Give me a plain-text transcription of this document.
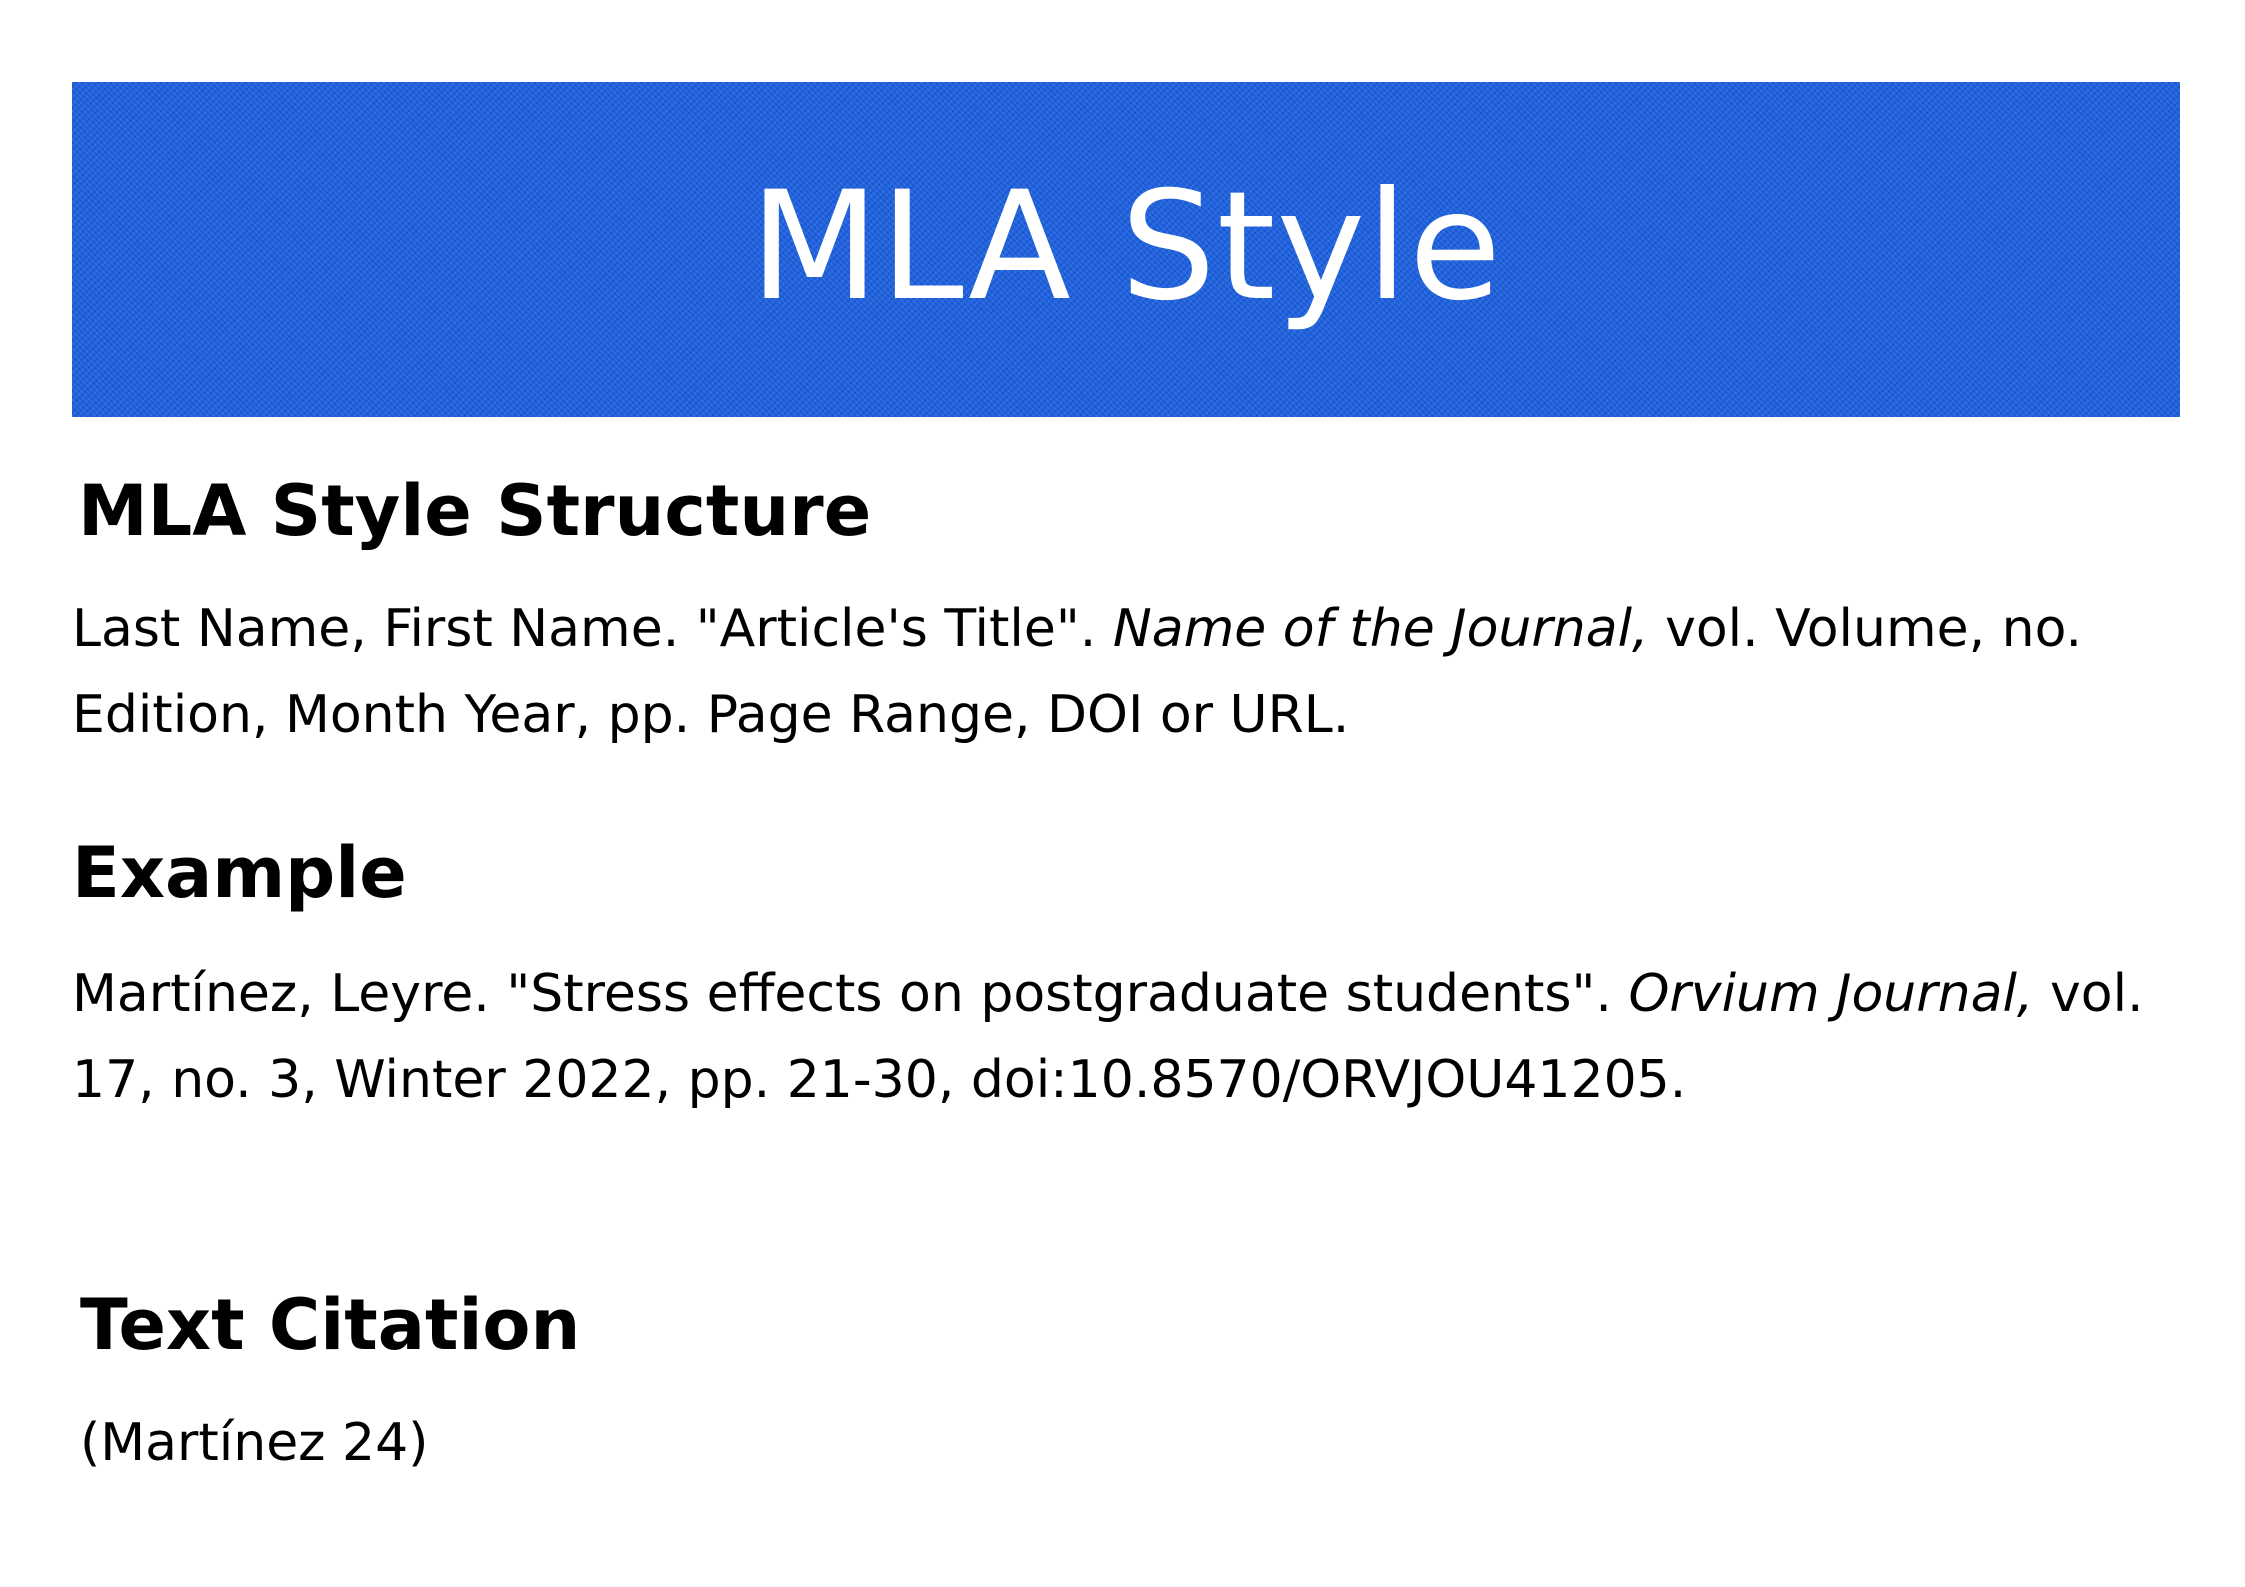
MLA Style
MLA Style Structure

Last Name, First Name. "Article's Title". Name of the Journal, vol. Volume, no. Edition, Month Year, pp. Page Range, DOI or URL.

Example

Martínez, Leyre. "Stress effects on postgraduate students". Orvium Journal, vol. 17, no. 3, Winter 2022, pp. 21-30, doi:10.8570/ORVJOU41205.

Text Citation

(Martínez 24)
